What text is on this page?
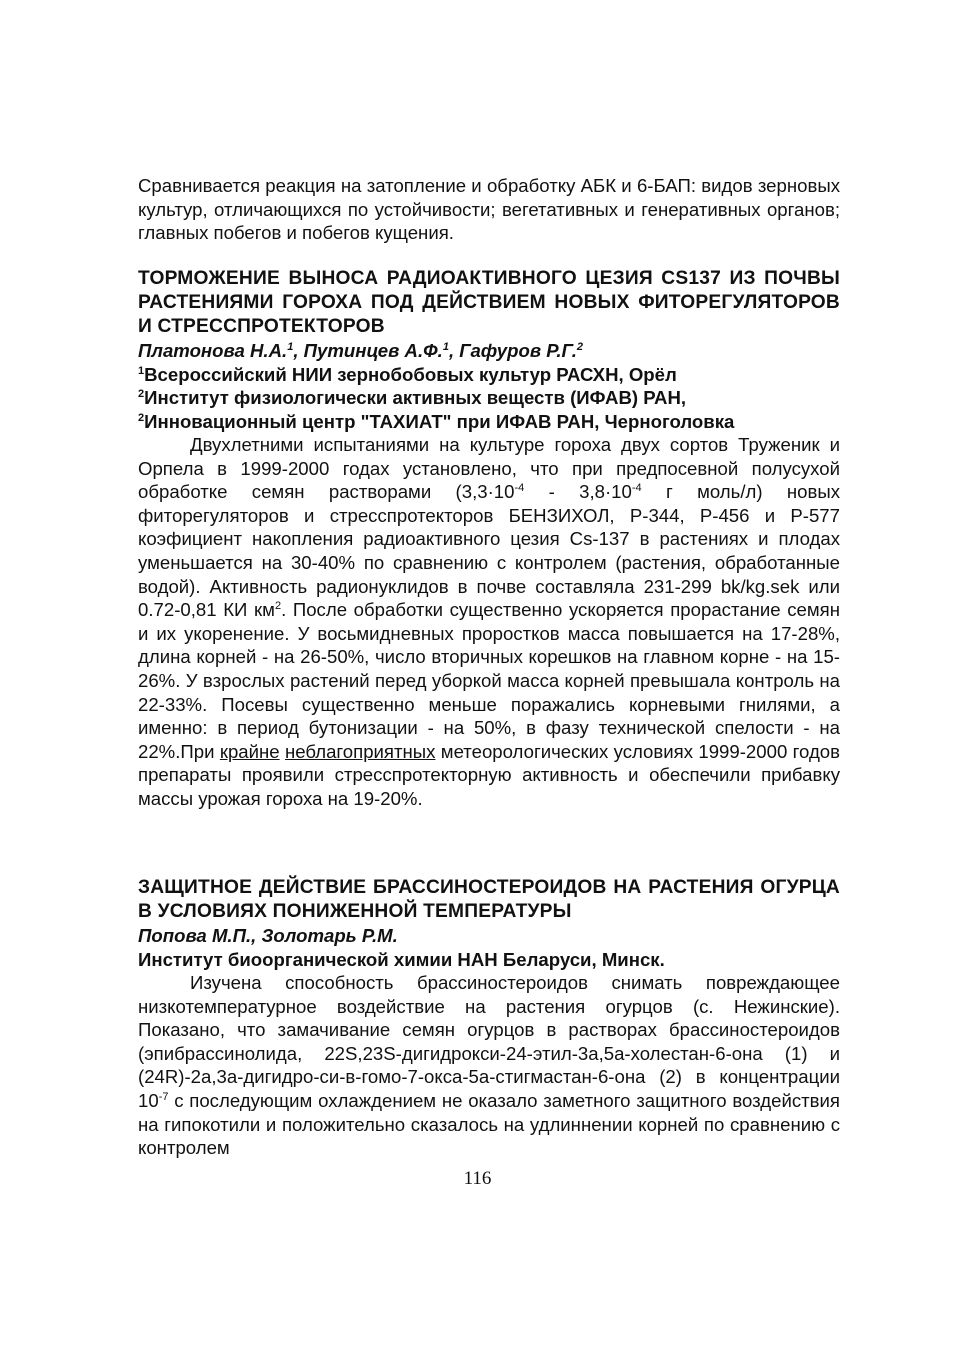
Сравнивается реакция на затопление и обработку АБК и 6-БАП: видов зерновых культур, отличающихся по устойчивости; вегетативных и генеративных органов; главных побегов и побегов кущения.

ТОРМОЖЕНИЕ ВЫНОСА РАДИОАКТИВНОГО ЦЕЗИЯ CS137 ИЗ ПОЧВЫ РАСТЕНИЯМИ ГОРОХА ПОД ДЕЙСТВИЕМ НОВЫХ ФИТОРЕГУЛЯТОРОВ И СТРЕССПРОТЕКТОРОВ

Платонова Н.А.$^1$, Путинцев А.Ф.$^1$, Гафуров Р.Г.$^2$

$^1$Всероссийский НИИ зернобобовых культур РАСХН, Орёл

$^2$Институт физиологически активных веществ (ИФАВ) РАН,

$^2$Инновационный центр "ТАХИАТ" при ИФАВ РАН, Черноголовка

Двухлетними испытаниями на культуре гороха двух сортов Труженик и Орпела в 1999-2000 годах установлено, что при предпосевной полусухой обработке семян растворами ($3,3\cdot 10^{-4} - 3,8\cdot 10^{-4}$ г моль/л) новых фиторегуляторов и стресспротекторов БЕНЗИХОЛ, Р-344, Р-456 и Р-577 коэфициент накопления радиоактивного цезия Cs-137 в растениях и плодах уменьшается на 30-40% по сравнению с контролем (растения, обработанные водой). Активность радионуклидов в почве составляла 231-299 bk/kg.sek или 0.72-0,81 КИ $км^2$. После обработки существенно ускоряется прорастание семян и их укоренение. У восьмидневных проростков масса повышается на 17-28%, длина корней - на 26-50%, число вторичных корешков на главном корне - на 15-26%. У взрослых растений перед уборкой масса корней превышала контроль на 22-33%. Посевы существенно меньше поражались корневыми гнилями, а именно: в период бутонизации - на 50%, в фазу технической спелости - на 22%.При крайне неблагоприятных метеорологических условиях 1999-2000 годов препараты проявили стресспротекторную активность и обеспечили прибавку массы урожая гороха на 19-20%.

ЗАЩИТНОЕ ДЕЙСТВИЕ БРАССИНОСТЕРОИДОВ НА РАСТЕНИЯ ОГУРЦА В УСЛОВИЯХ ПОНИЖЕННОЙ ТЕМПЕРАТУРЫ

Попова М.П., Золотарь Р.М.

Институт биоорганической химии НАН Беларуси, Минск.

Изучена способность брассиностероидов снимать повреждающее низкотемпературное воздействие на растения огурцов (с. Нежинские). Показано, что замачивание семян огурцов в растворах брассиностероидов (эпибрассинолида, 22S,23S-дигидрокси-24-этил-3a,5a-холестан-6-она (1) и (24R)-2a,3a-дигидро-си-в-гомо-7-окса-5a-стигмастан-6-она (2) в концентрации $10^{-7}$ с последующим охлаждением не оказало заметного защитного воздействия на гипокотили и положительно сказалось на удлиннении корней по сравнению с контролем

116
